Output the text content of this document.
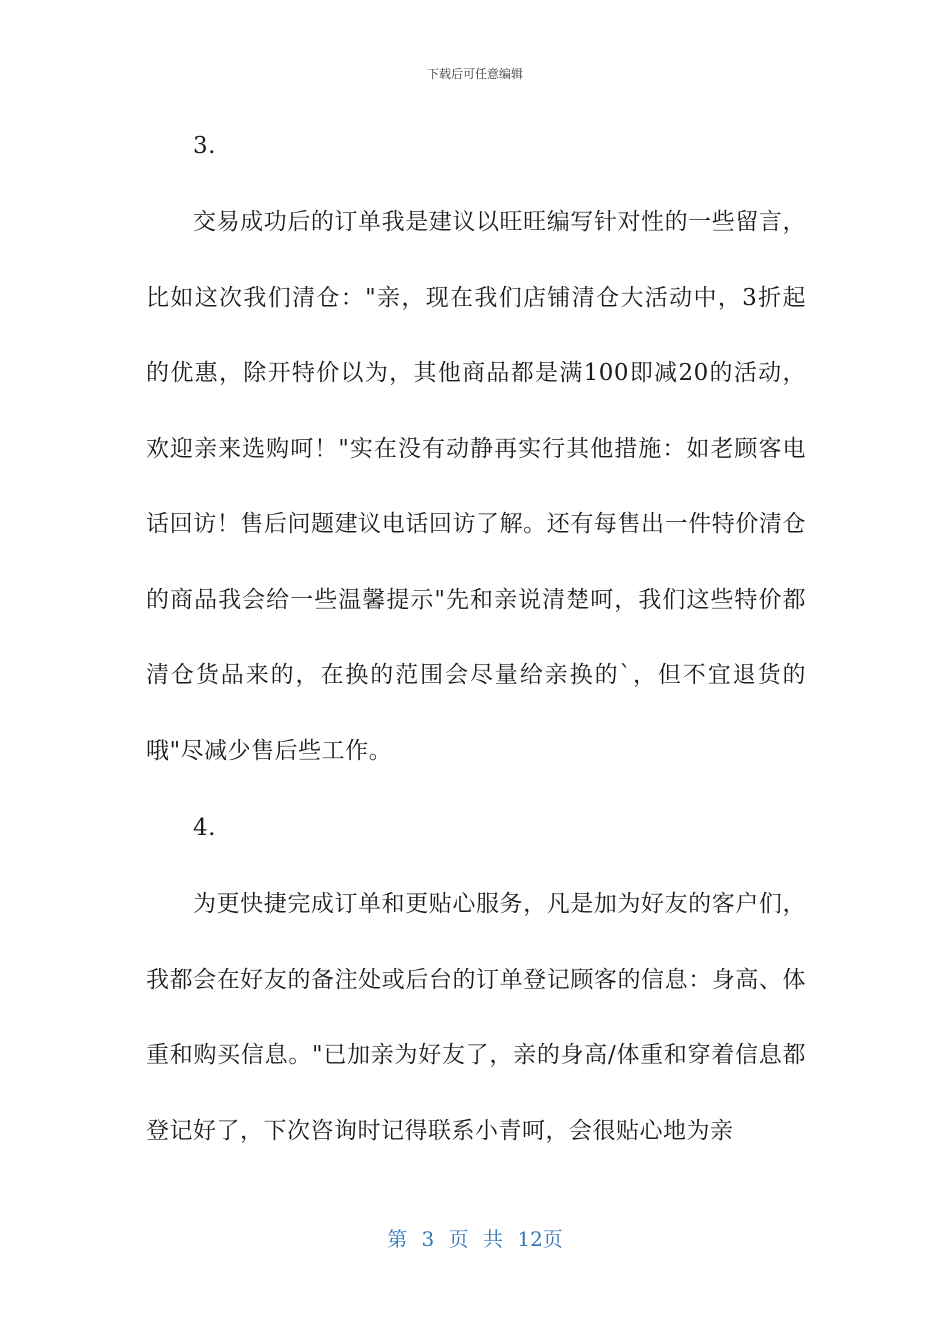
下载后可任意编辑

3.

交易成功后的订单我是建议以旺旺编写针对性的一些留言，比如这次我们清仓："亲，现在我们店铺清仓大活动中，3折起的优惠，除开特价以为，其他商品都是满100即减20的活动，欢迎亲来选购呵！"实在没有动静再实行其他措施：如老顾客电话回访！售后问题建议电话回访了解。还有每售出一件特价清仓的商品我会给一些温馨提示"先和亲说清楚呵，我们这些特价都清仓货品来的，在换的范围会尽量给亲换的`，但不宜退货的哦"尽减少售后些工作。

4.

为更快捷完成订单和更贴心服务，凡是加为好友的客户们，我都会在好友的备注处或后台的订单登记顾客的信息：身高、体重和购买信息。"已加亲为好友了，亲的身高/体重和穿着信息都登记好了，下次咨询时记得联系小青呵，会很贴心地为亲

第 3 页 共 12页
